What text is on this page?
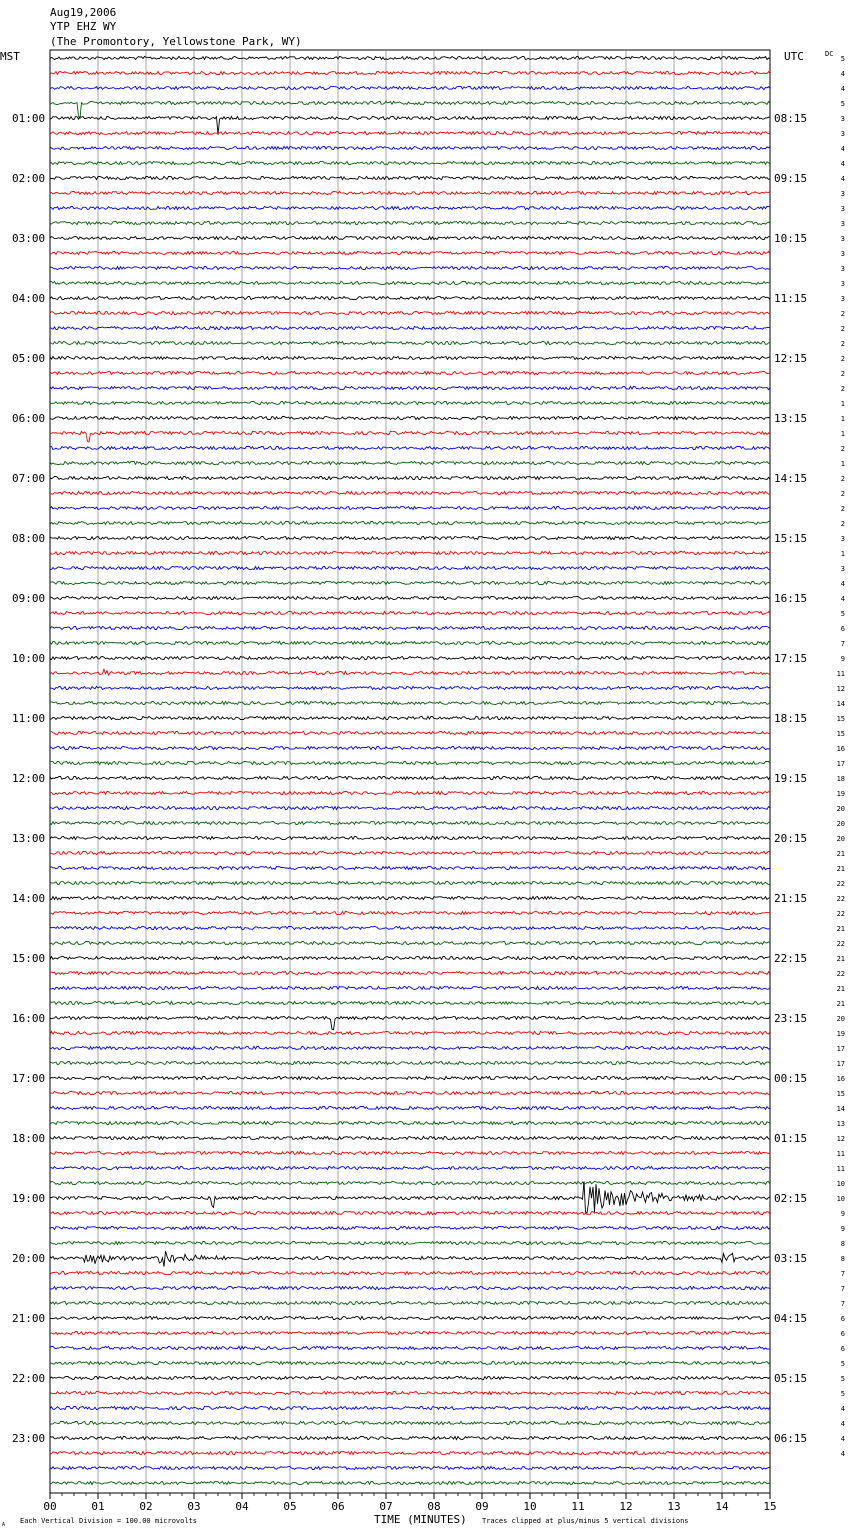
Aug19,2006
YTP EHZ WY
(The Promontory, Yellowstone Park, WY)
MST	UTC	DC
01:00
02:00
03:00
04:00
05:00
06:00
07:00
08:00
09:00
10:00
11:00
12:00
13:00
14:00
15:00
16:00
17:00
18:00
19:00
20:00
21:00
22:00
23:00
08:15
09:15
10:15
11:15
12:15
13:15
14:15
15:15
16:15
17:15
18:15
19:15
20:15
21:15
22:15
23:15
00:15
01:15
02:15
03:15
04:15
05:15
06:15
5
4
4
5
3
3
4
4
4
3
3
3
3
3
3
3
3
2
2
2
2
2
2
1
1
1
2
1
2
2
2
2
3
1
3
4
4
5
6
7
9
11
12
14
15
15
16
17
18
19
20
20
20
21
21
22
22
22
21
22
21
22
21
21
20
19
17
17
16
15
14
13
12
11
11
10
10
9
9
8
8
7
7
7
6
6
6
5
5
5
4
4
4
4
00	01	02	03	04	05	06	07	08	09	10	11	12	13	14	15
TIME (MINUTES)
Each Vertical Division = 100.00 microvolts	Traces clipped at plus/minus 5 vertical divisions
A
